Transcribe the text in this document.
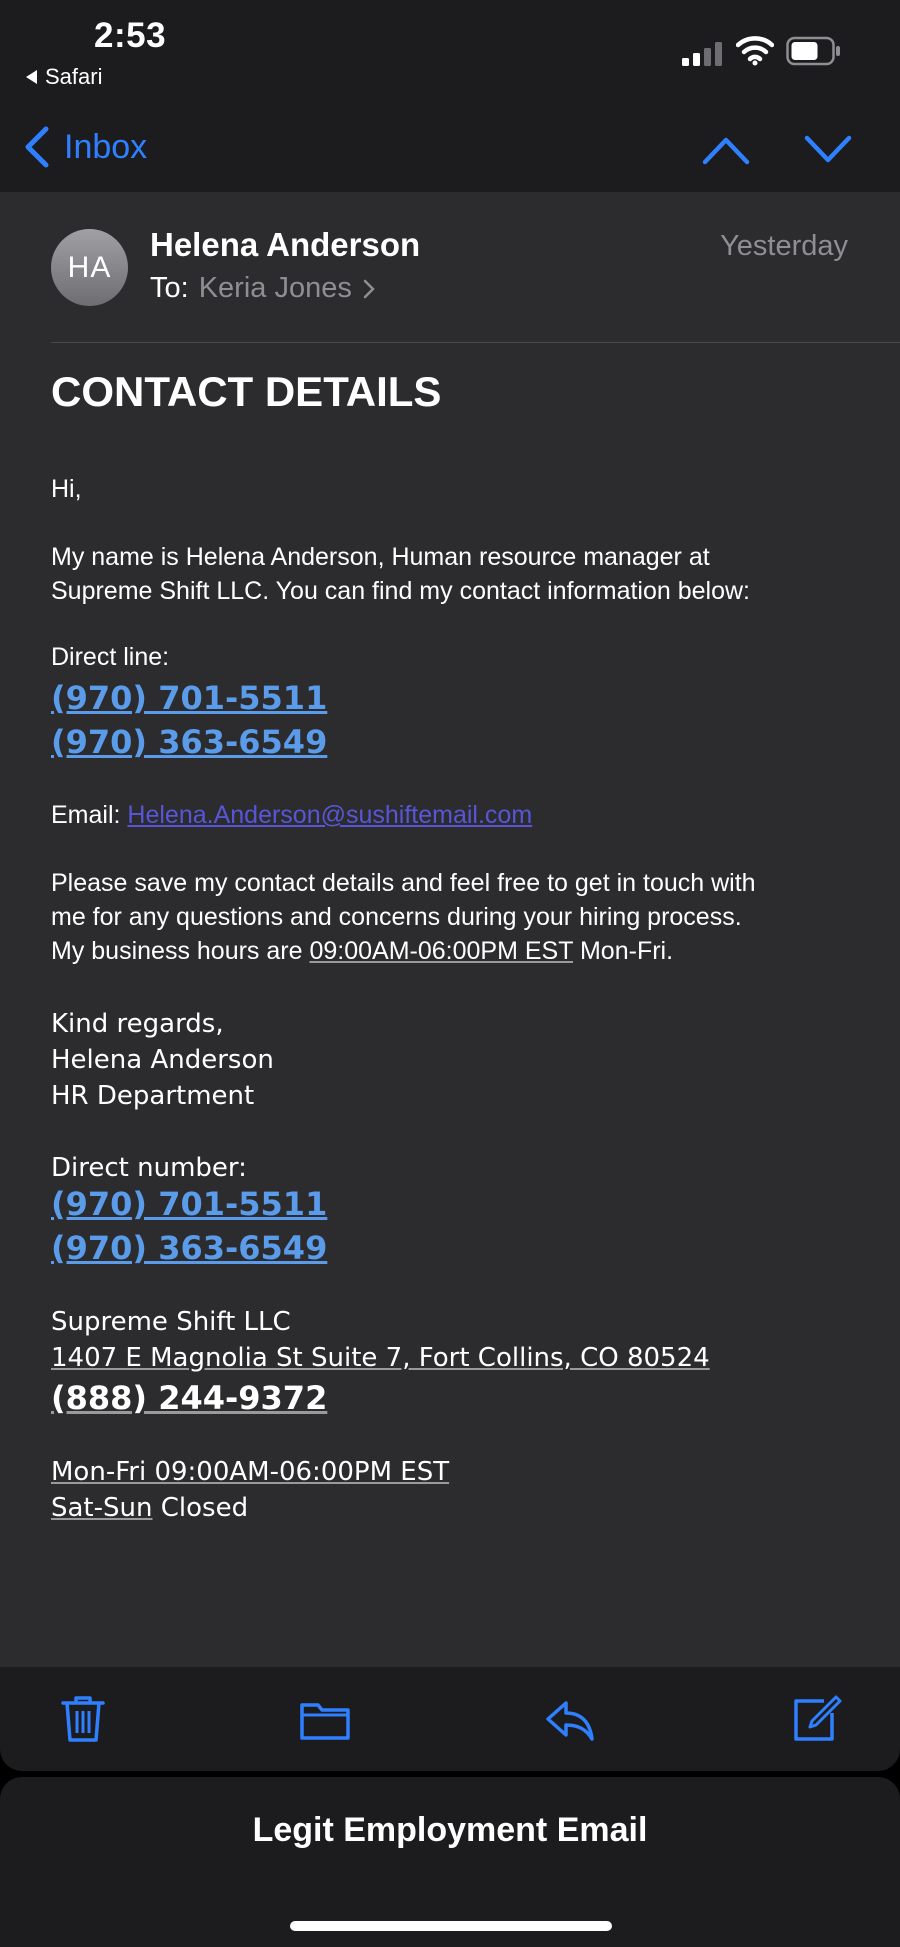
2:53
Safari
Inbox
HA
Helena Anderson
To: Keria Jones
Yesterday
CONTACT DETAILS
Hi,
My name is Helena Anderson, Human resource manager at
Supreme Shift LLC. You can find my contact information below:
Direct line:
(970) 701-5511
(970) 363-6549
Email: Helena.Anderson@sushiftemail.com
Please save my contact details and feel free to get in touch with
me for any questions and concerns during your hiring process.
My business hours are 09:00AM-06:00PM EST Mon-Fri.
Kind regards,
Helena Anderson
HR Department
Direct number:
(970) 701-5511
(970) 363-6549
Supreme Shift LLC
1407 E Magnolia St Suite 7, Fort Collins, CO 80524
(888) 244-9372
Mon-Fri 09:00AM-06:00PM EST
Sat-Sun Closed
Legit Employment Email
